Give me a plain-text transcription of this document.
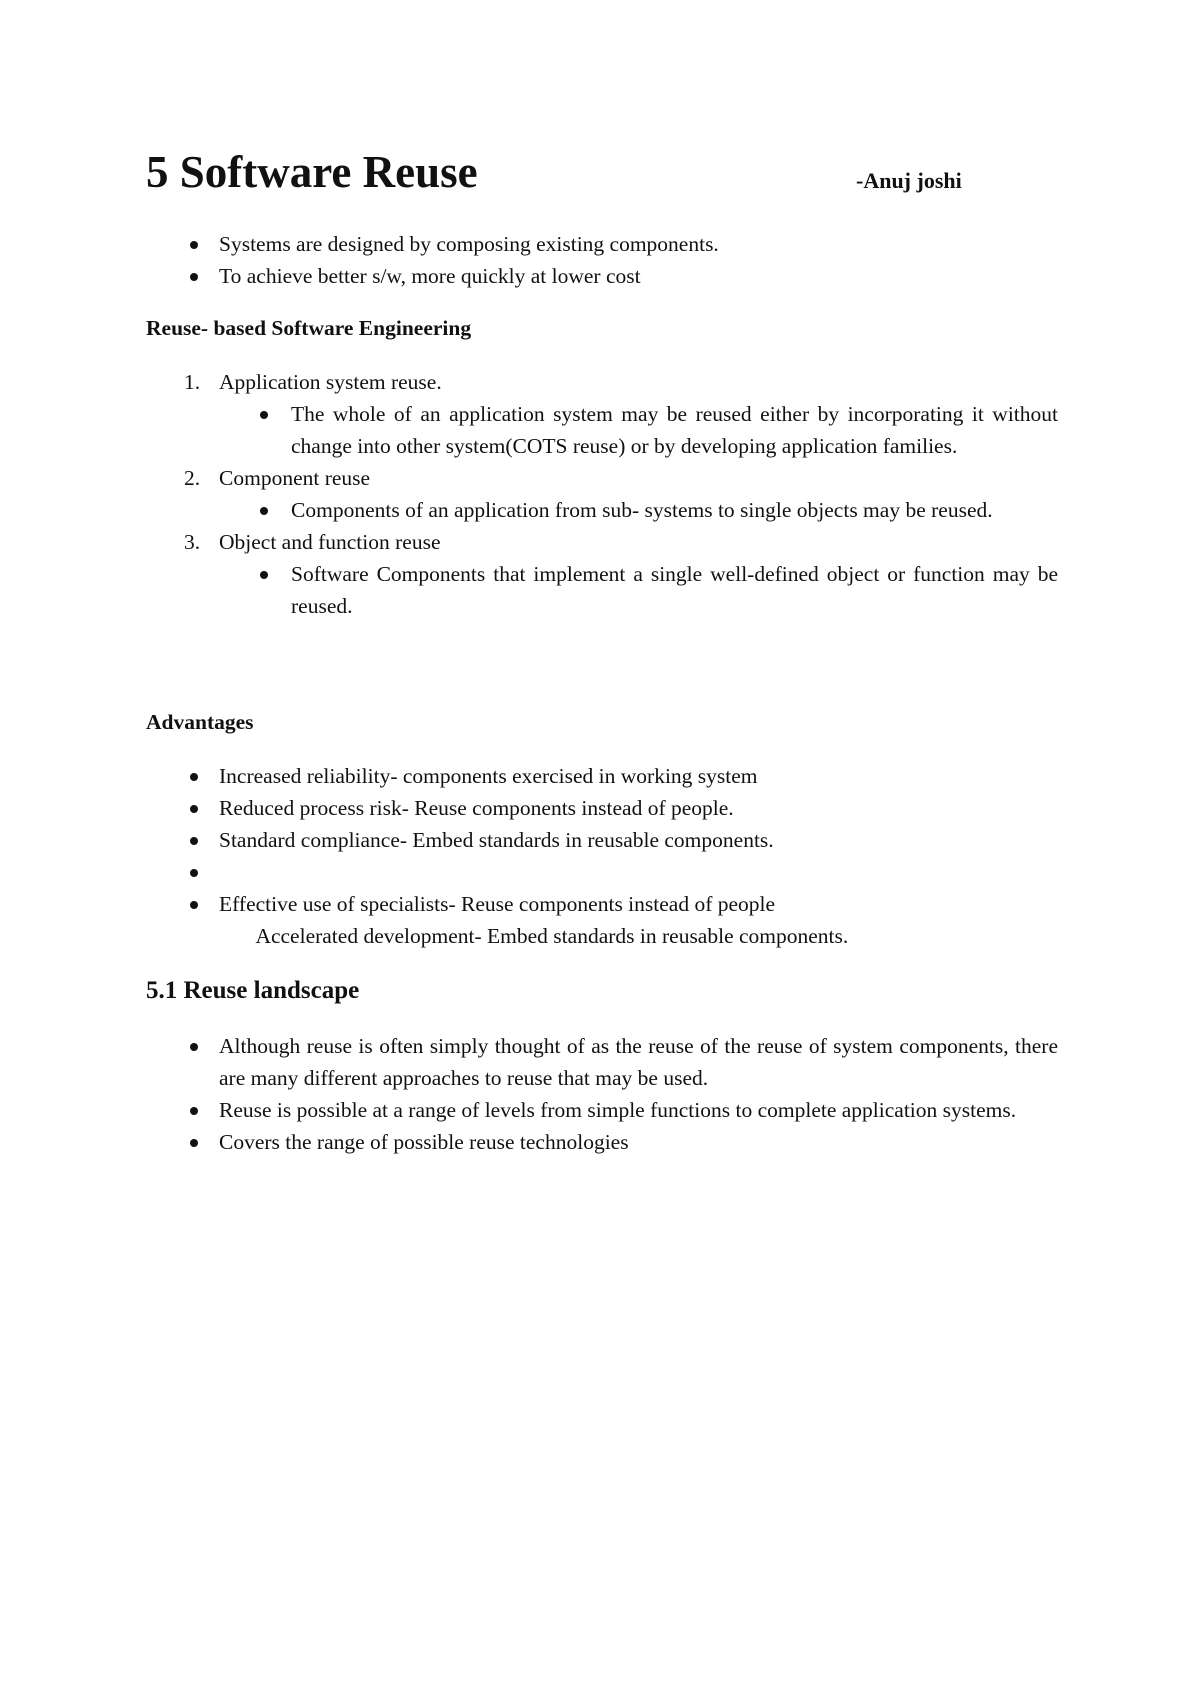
5 Software Reuse	-Anuj joshi
Systems are designed by composing existing components.
To achieve better s/w, more quickly at lower cost
Reuse- based Software Engineering
1. Application system reuse.
The whole of an application system may be reused either by incorporating it without change into other system(COTS reuse) or by developing application families.
2. Component reuse
Components of an application from sub- systems to single objects may be reused.
3. Object and function reuse
Software Components that implement a single well-defined object or function may be reused.
Advantages
Increased reliability- components exercised in working system
Reduced process risk- Reuse components instead of people.
Standard compliance- Embed standards in reusable components.

Accelerated development- Embed standards in reusable components.

Effective use of specialists- Reuse components instead of people
5.1 Reuse landscape
Although reuse is often simply thought of as the reuse of the reuse of system components, there are many different approaches to reuse that may be used.
Reuse is possible at a range of levels from simple functions to complete application systems.
Covers the range of possible reuse technologies
